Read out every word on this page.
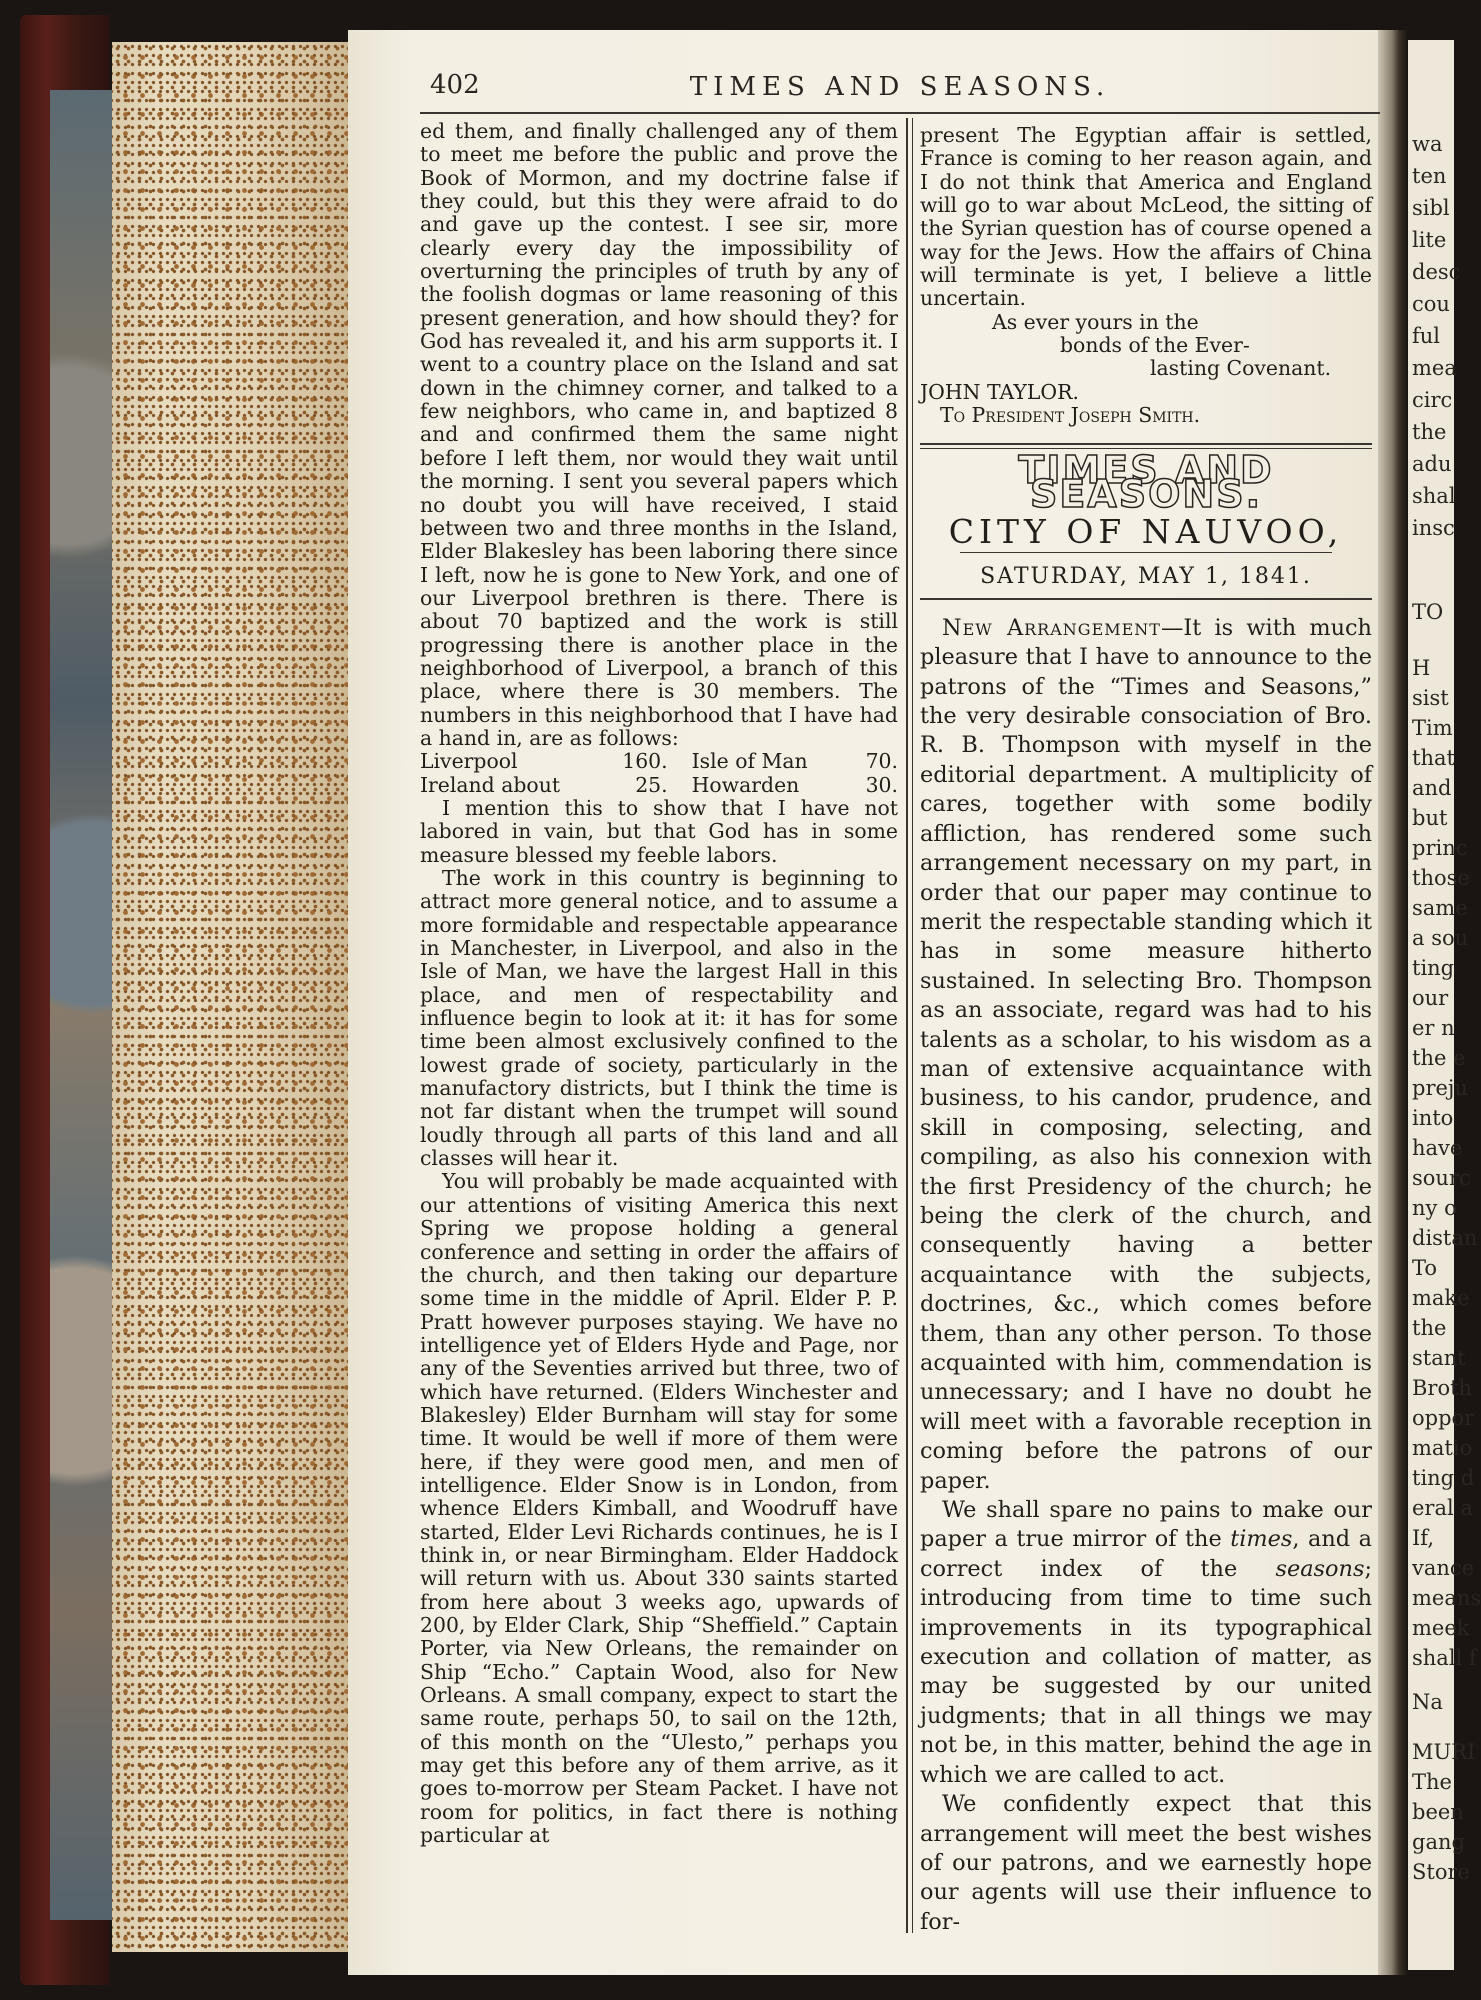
wa
ten
sibl
lite
desc
cou
ful
mea
circ
the
adu
shal
insc
TO
H
sist
Tim
that
and
but
princ
those
same
a sou
ting
our
er n
the e
preju
into
have
sourc
ny o
distan
To
make
the
stant
Broth
oppor
matio
ting d
eral a
If,
vance
means
meek
shall f
Na
MURI
The
been
gang
Store
402	TIMES AND SEASONS.

ed them, and finally challenged any of them to meet me before the public and prove the Book of Mormon, and my doctrine false if they could, but this they were afraid to do and gave up the contest. I see sir, more clearly every day the impossibility of overturning the principles of truth by any of the foolish dogmas or lame reasoning of this present generation, and how should they? for God has revealed it, and his arm supports it. I went to a country place on the Island and sat down in the chimney corner, and talked to a few neighbors, who came in, and baptized 8 and and confirmed them the same night before I left them, nor would they wait until the morning. I sent you several papers which no doubt you will have received, I staid between two and three months in the Island, Elder Blakesley has been laboring there since I left, now he is gone to New York, and one of our Liverpool brethren is there. There is about 70 baptized and the work is still progressing there is another place in the neighborhood of Liverpool, a branch of this place, where there is 30 members. The numbers in this neighborhood that I have had a hand in, are as follows:

Liverpool	160.	Isle of Man	70.
Ireland about	25.	Howarden	30.

I mention this to show that I have not labored in vain, but that God has in some measure blessed my feeble labors.

The work in this country is beginning to attract more general notice, and to assume a more formidable and respectable appearance in Manchester, in Liverpool, and also in the Isle of Man, we have the largest Hall in this place, and men of respectability and influence begin to look at it: it has for some time been almost exclusively confined to the lowest grade of society, particularly in the manufactory districts, but I think the time is not far distant when the trumpet will sound loudly through all parts of this land and all classes will hear it.

You will probably be made acquainted with our attentions of visiting America this next Spring we propose holding a general conference and setting in order the affairs of the church, and then taking our departure some time in the middle of April. Elder P. P. Pratt however purposes staying. We have no intelligence yet of Elders Hyde and Page, nor any of the Seventies arrived but three, two of which have returned. (Elders Winchester and Blakesley) Elder Burnham will stay for some time. It would be well if more of them were here, if they were good men, and men of intelligence. Elder Snow is in London, from whence Elders Kimball, and Woodruff have started, Elder Levi Richards continues, he is I think in, or near Birmingham. Elder Haddock will return with us. About 330 saints started from here about 3 weeks ago, upwards of 200, by Elder Clark, Ship “Sheffield.” Captain Porter, via New Orleans, the remainder on Ship “Echo.” Captain Wood, also for New Orleans. A small company, expect to start the same route, perhaps 50, to sail on the 12th, of this month on the “Ulesto,” perhaps you may get this before any of them arrive, as it goes to-morrow per Steam Packet. I have not room for politics, in fact there is nothing particular at

present The Egyptian affair is settled, France is coming to her reason again, and I do not think that America and England will go to war about McLeod, the sitting of the Syrian question has of course opened a way for the Jews. How the affairs of China will terminate is yet, I believe a little uncertain.

As ever yours in the

bonds of the Ever-

lasting Covenant.

JOHN TAYLOR.

To President Joseph Smith.

TIMES AND SEASONS.
CITY OF NAUVOO,
SATURDAY, MAY 1, 1841.

New Arrangement—It is with much pleasure that I have to announce to the patrons of the “Times and Seasons,” the very desirable consociation of Bro. R. B. Thompson with myself in the editorial department. A multiplicity of cares, together with some bodily affliction, has rendered some such arrangement necessary on my part, in order that our paper may continue to merit the respectable standing which it has in some measure hitherto sustained. In selecting Bro. Thompson as an associate, regard was had to his talents as a scholar, to his wisdom as a man of extensive acquaintance with business, to his candor, prudence, and skill in composing, selecting, and compiling, as also his connexion with the first Presidency of the church; he being the clerk of the church, and consequently having a better acquaintance with the subjects, doctrines, &c., which comes before them, than any other person. To those acquainted with him, commendation is unnecessary; and I have no doubt he will meet with a favorable reception in coming before the patrons of our paper.

We shall spare no pains to make our paper a true mirror of the times, and a correct index of the seasons; introducing from time to time such improvements in its typographical execution and collation of matter, as may be suggested by our united judgments; that in all things we may not be, in this matter, behind the age in which we are called to act.

We confidently expect that this arrangement will meet the best wishes of our patrons, and we earnestly hope our agents will use their influence to for-
